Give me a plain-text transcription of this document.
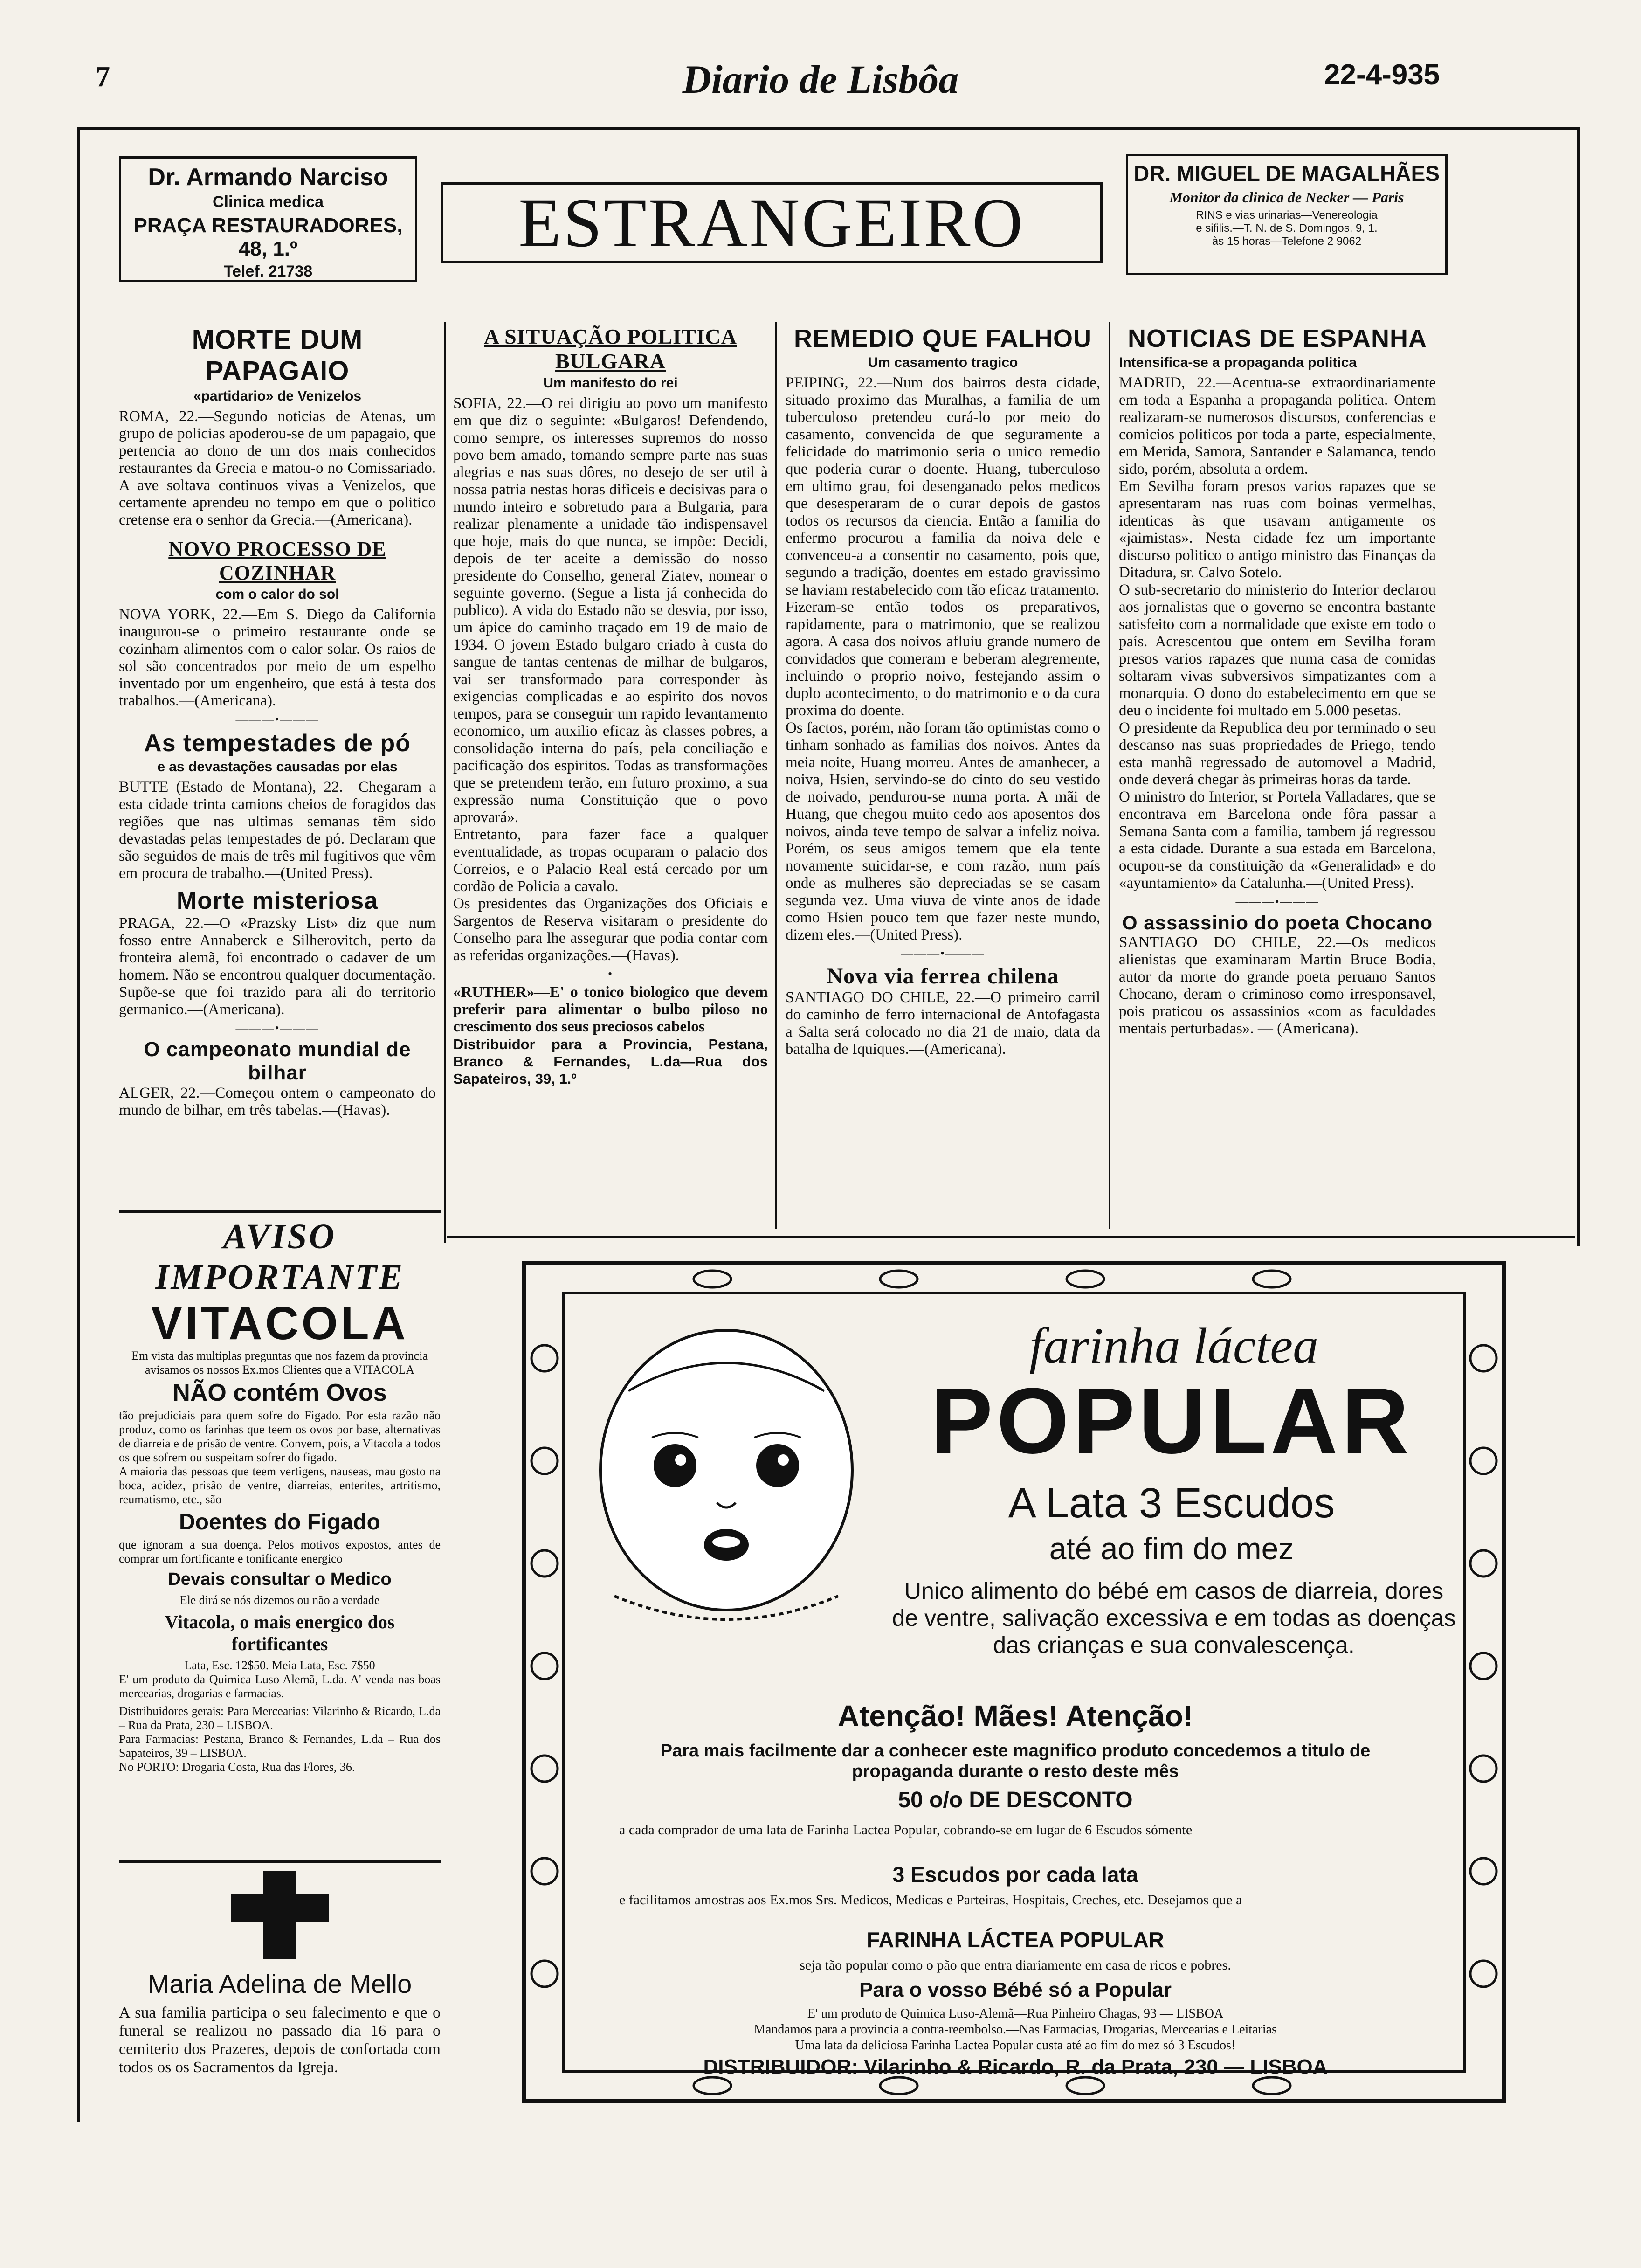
7	Diario de Lisbôa	22-4-935
Dr. Armando Narciso
Clinica medica
PRAÇA RESTAURADORES, 48, 1.º
Telef. 21738
ESTRANGEIRO
DR. MIGUEL DE MAGALHÃES
Monitor da clinica de Necker — Paris
RINS e vias urinarias—Venereologia
e sifilis.—T. N. de S. Domingos, 9, 1.
às 15 horas—Telefone 2 9062

MORTE DUM PAPAGAIO

«partidario» de Venizelos

ROMA, 22.—Segundo noticias de Atenas, um grupo de policias apoderou-se de um papagaio, que pertencia ao dono de um dos mais conhecidos restaurantes da Grecia e matou-o no Comissariado. A ave soltava continuos vivas a Venizelos, que certamente aprendeu no tempo em que o politico cretense era o senhor da Grecia.—(Americana).

NOVO PROCESSO DE COZINHAR

com o calor do sol

NOVA YORK, 22.—Em S. Diego da California inaugurou-se o primeiro restaurante onde se cozinham alimentos com o calor solar. Os raios de sol são concentrados por meio de um espelho inventado por um engenheiro, que está à testa dos trabalhos.—(Americana).

———•———

As tempestades de pó

e as devastações causadas por elas

BUTTE (Estado de Montana), 22.—Chegaram a esta cidade trinta camions cheios de foragidos das regiões que nas ultimas semanas têm sido devastadas pelas tempestades de pó. Declaram que são seguidos de mais de três mil fugitivos que vêm em procura de trabalho.—(United Press).

Morte misteriosa

PRAGA, 22.—O «Prazsky List» diz que num fosso entre Annaberck e Silherovitch, perto da fronteira alemã, foi encontrado o cadaver de um homem. Não se encontrou qualquer documentação. Supõe-se que foi trazido para ali do territorio germanico.—(Americana).

———•———

O campeonato mundial de bilhar

ALGER, 22.—Começou ontem o campeonato do mundo de bilhar, em três tabelas.—(Havas).

A SITUAÇÃO POLITICA BULGARA

Um manifesto do rei

SOFIA, 22.—O rei dirigiu ao povo um manifesto em que diz o seguinte: «Bulgaros! Defendendo, como sempre, os interesses supremos do nosso povo bem amado, tomando sempre parte nas suas alegrias e nas suas dôres, no desejo de ser util à nossa patria nestas horas dificeis e decisivas para o mundo inteiro e sobretudo para a Bulgaria, para realizar plenamente a unidade tão indispensavel que hoje, mais do que nunca, se impõe: Decidi, depois de ter aceite a demissão do nosso presidente do Conselho, general Ziatev, nomear o seguinte governo. (Segue a lista já conhecida do publico). A vida do Estado não se desvia, por isso, um ápice do caminho traçado em 19 de maio de 1934. O jovem Estado bulgaro criado à custa do sangue de tantas centenas de milhar de bulgaros, vai ser transformado para corresponder às exigencias complicadas e ao espirito dos novos tempos, para se conseguir um rapido levantamento economico, um auxilio eficaz às classes pobres, a consolidação interna do país, pela conciliação e pacificação dos espiritos. Todas as transformações que se pretendem terão, em futuro proximo, a sua expressão numa Constituição que o povo aprovará».

Entretanto, para fazer face a qualquer eventualidade, as tropas ocuparam o palacio dos Correios, e o Palacio Real está cercado por um cordão de Policia a cavalo.

Os presidentes das Organizações dos Oficiais e Sargentos de Reserva visitaram o presidente do Conselho para lhe assegurar que podia contar com as referidas organizações.—(Havas).

———•———

«RUTHER»—E' o tonico biologico que devem preferir para alimentar o bulbo piloso no crescimento dos seus preciosos cabelos

Distribuidor para a Provincia, Pestana, Branco & Fernandes, L.da—Rua dos Sapateiros, 39, 1.º

REMEDIO QUE FALHOU

Um casamento tragico

PEIPING, 22.—Num dos bairros desta cidade, situado proximo das Muralhas, a familia de um tuberculoso pretendeu curá-lo por meio do casamento, convencida de que seguramente a felicidade do matrimonio seria o unico remedio que poderia curar o doente. Huang, tuberculoso em ultimo grau, foi desenganado pelos medicos que desesperaram de o curar depois de gastos todos os recursos da ciencia. Então a familia do enfermo procurou a familia da noiva dele e convenceu-a a consentir no casamento, pois que, segundo a tradição, doentes em estado gravissimo se haviam restabelecido com tão eficaz tratamento.

Fizeram-se então todos os preparativos, rapidamente, para o matrimonio, que se realizou agora. A casa dos noivos afluiu grande numero de convidados que comeram e beberam alegremente, incluindo o proprio noivo, festejando assim o duplo acontecimento, o do matrimonio e o da cura proxima do doente.

Os factos, porém, não foram tão optimistas como o tinham sonhado as familias dos noivos. Antes da meia noite, Huang morreu. Antes de amanhecer, a noiva, Hsien, servindo-se do cinto do seu vestido de noivado, pendurou-se numa porta. A mãi de Huang, que chegou muito cedo aos aposentos dos noivos, ainda teve tempo de salvar a infeliz noiva. Porém, os seus amigos temem que ela tente novamente suicidar-se, e com razão, num país onde as mulheres são depreciadas se se casam segunda vez. Uma viuva de vinte anos de idade como Hsien pouco tem que fazer neste mundo, dizem eles.—(United Press).

———•———

Nova via ferrea chilena

SANTIAGO DO CHILE, 22.—O primeiro carril do caminho de ferro internacional de Antofagasta a Salta será colocado no dia 21 de maio, data da batalha de Iquiques.—(Americana).

NOTICIAS DE ESPANHA

Intensifica-se a propaganda politica

MADRID, 22.—Acentua-se extraordinariamente em toda a Espanha a propaganda politica. Ontem realizaram-se numerosos discursos, conferencias e comicios politicos por toda a parte, especialmente, em Merida, Samora, Santander e Salamanca, tendo sido, porém, absoluta a ordem.

Em Sevilha foram presos varios rapazes que se apresentaram nas ruas com boinas vermelhas, identicas às que usavam antigamente os «jaimistas». Nesta cidade fez um importante discurso politico o antigo ministro das Finanças da Ditadura, sr. Calvo Sotelo.

O sub-secretario do ministerio do Interior declarou aos jornalistas que o governo se encontra bastante satisfeito com a normalidade que existe em todo o país. Acrescentou que ontem em Sevilha foram presos varios rapazes que numa casa de comidas soltaram vivas subversivos simpatizantes com a monarquia. O dono do estabelecimento em que se deu o incidente foi multado em 5.000 pesetas.

O presidente da Republica deu por terminado o seu descanso nas suas propriedades de Priego, tendo esta manhã regressado de automovel a Madrid, onde deverá chegar às primeiras horas da tarde.

O ministro do Interior, sr Portela Valladares, que se encontrava em Barcelona onde fôra passar a Semana Santa com a familia, tambem já regressou a esta cidade. Durante a sua estada em Barcelona, ocupou-se da constituição da «Generalidad» e do «ayuntamiento» da Catalunha.—(United Press).

———•———

O assassinio do poeta Chocano

SANTIAGO DO CHILE, 22.—Os medicos alienistas que examinaram Martin Bruce Bodia, autor da morte do grande poeta peruano Santos Chocano, deram o criminoso como irresponsavel, pois praticou os assassinios «com as faculdades mentais perturbadas». — (Americana).

AVISO IMPORTANTE
VITACOLA

Em vista das multiplas preguntas que nos fazem da provincia avisamos os nossos Ex.mos Clientes que a VITACOLA

NÃO contém Ovos

tão prejudiciais para quem sofre do Figado. Por esta razão não produz, como os farinhas que teem os ovos por base, alternativas de diarreia e de prisão de ventre. Convem, pois, a Vitacola a todos os que sofrem ou suspeitam sofrer do figado.

A maioria das pessoas que teem vertigens, nauseas, mau gosto na boca, acidez, prisão de ventre, diarreias, enterites, artritismo, reumatismo, etc., são

Doentes do Figado

que ignoram a sua doença. Pelos motivos expostos, antes de comprar um fortificante e tonificante energico

Devais consultar o Medico

Ele dirá se nós dizemos ou não a verdade

Vitacola, o mais energico dos fortificantes

Lata, Esc. 12$50. Meia Lata, Esc. 7$50

E' um produto da Quimica Luso Alemã, L.da. A' venda nas boas mercearias, drogarias e farmacias.

Distribuidores gerais: Para Mercearias: Vilarinho & Ricardo, L.da – Rua da Prata, 230 – LISBOA.

Para Farmacias: Pestana, Branco & Fernandes, L.da – Rua dos Sapateiros, 39 – LISBOA.

No PORTO: Drogaria Costa, Rua das Flores, 36.

Maria Adelina de Mello

A sua familia participa o seu falecimento e que o funeral se realizou no passado dia 16 para o cemiterio dos Prazeres, depois de confortada com todos os os Sacramentos da Igreja.

farinha láctea
POPULAR
A Lata 3 Escudos
até ao fim do mez
Unico alimento do bébé em casos de diarreia, dores de ventre, salivação excessiva e em todas as doenças das crianças e sua convalescença.
Atenção! Mães! Atenção!
Para mais facilmente dar a conhecer este magnifico produto concedemos a titulo de propaganda durante o resto deste mês
50 o/o DE DESCONTO
a cada comprador de uma lata de Farinha Lactea Popular, cobrando-se em lugar de 6 Escudos sómente
3 Escudos por cada lata
e facilitamos amostras aos Ex.mos Srs. Medicos, Medicas e Parteiras, Hospitais, Creches, etc. Desejamos que a
FARINHA LÁCTEA POPULAR
seja tão popular como o pão que entra diariamente em casa de ricos e pobres.
Para o vosso Bébé só a Popular
E' um produto de Quimica Luso-Alemã—Rua Pinheiro Chagas, 93 — LISBOA
Mandamos para a provincia a contra-reembolso.—Nas Farmacias, Drogarias, Mercearias e Leitarias
Uma lata da deliciosa Farinha Lactea Popular custa até ao fim do mez só 3 Escudos!
DISTRIBUIDOR: Vilarinho & Ricardo, R. da Prata, 230 — LISBOA
